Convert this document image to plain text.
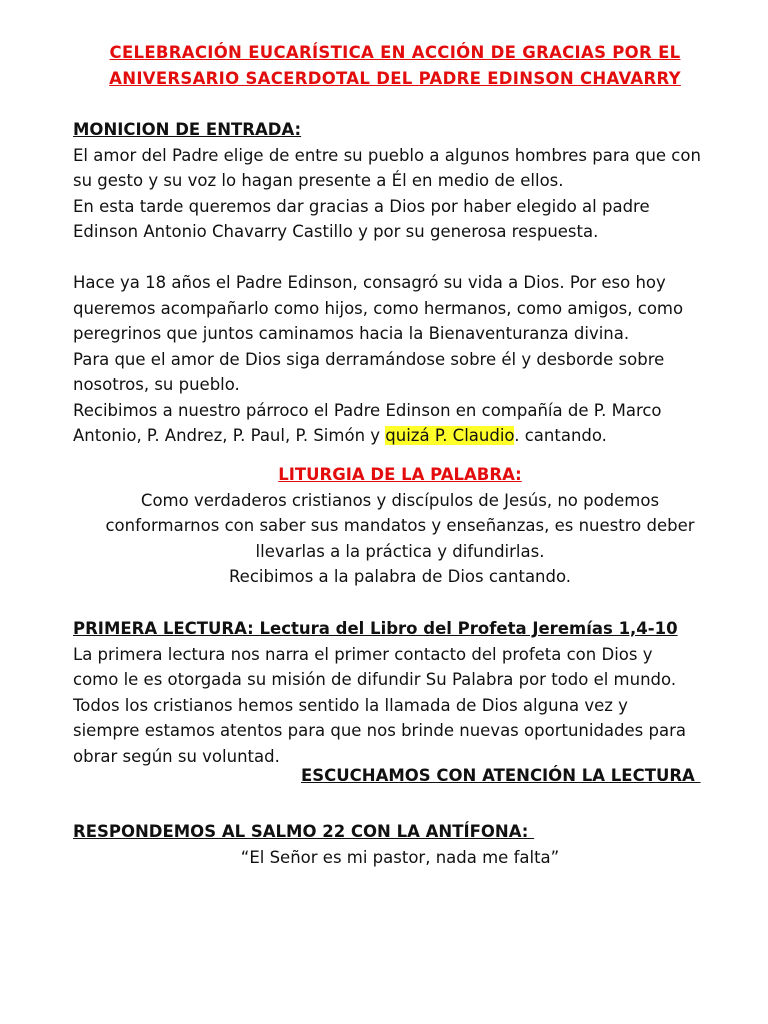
CELEBRACIÓN EUCARÍSTICA EN ACCIÓN DE GRACIAS POR EL
ANIVERSARIO SACERDOTAL DEL PADRE EDINSON CHAVARRY

MONICION DE ENTRADA:

El amor del Padre elige de entre su pueblo a algunos hombres para que con

su gesto y su voz lo hagan presente a Él en medio de ellos.

En esta tarde queremos dar gracias a Dios por haber elegido al padre

Edinson Antonio Chavarry Castillo y por su generosa respuesta.

Hace ya 18 años el Padre Edinson, consagró su vida a Dios. Por eso hoy

queremos acompañarlo como hijos, como hermanos, como amigos, como

peregrinos que juntos caminamos hacia la Bienaventuranza divina.

Para que el amor de Dios siga derramándose sobre él y desborde sobre

nosotros, su pueblo.

Recibimos a nuestro párroco el Padre Edinson en compañía de P. Marco

Antonio, P. Andrez, P. Paul, P. Simón y quizá P. Claudio. cantando.

LITURGIA DE LA PALABRA:

Como verdaderos cristianos y discípulos de Jesús, no podemos

conformarnos con saber sus mandatos y enseñanzas, es nuestro deber

llevarlas a la práctica y difundirlas.

Recibimos a la palabra de Dios cantando.

PRIMERA LECTURA: Lectura del Libro del Profeta Jeremías 1,4-10

La primera lectura nos narra el primer contacto del profeta con Dios y

como le es otorgada su misión de difundir Su Palabra por todo el mundo.

Todos los cristianos hemos sentido la llamada de Dios alguna vez y

siempre estamos atentos para que nos brinde nuevas oportunidades para

obrar según su voluntad.

ESCUCHAMOS CON ATENCIÓN LA LECTURA

RESPONDEMOS AL SALMO 22 CON LA ANTÍFONA:

“El Señor es mi pastor, nada me falta”
